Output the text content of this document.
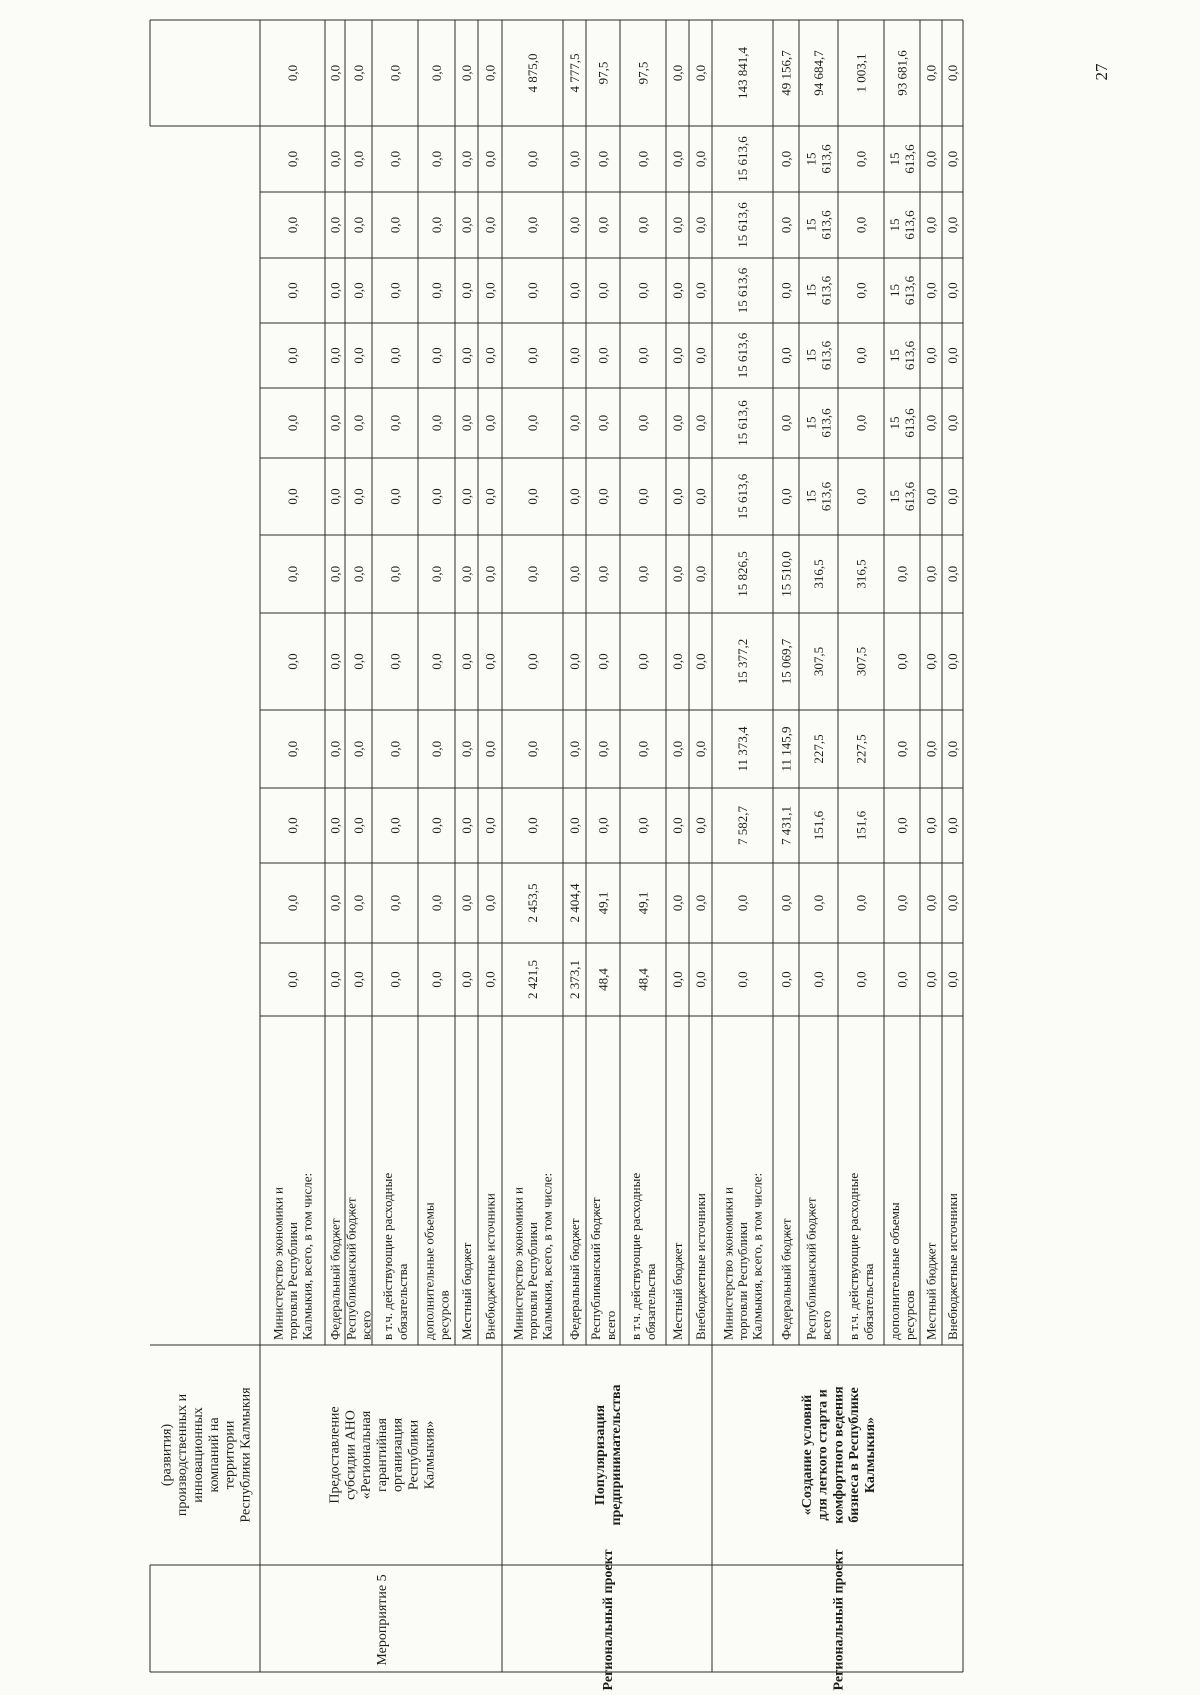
(развития)производственных иинновационныхкомпаний натерриторииРеспублики Калмыкия
Мероприятие 5
Предоставлениесубсидии АНО«РегиональнаягарантийнаяорганизацияРеспубликиКалмыкия»
Министерство экономики иторговли РеспубликиКалмыкия, всего, в том числе:
0,0
0,0
0,0
0,0
0,0
0,0
0,0
0,0
0,0
0,0
0,0
0,0
0,0
Федеральный бюджет
0,0
0,0
0,0
0,0
0,0
0,0
0,0
0,0
0,0
0,0
0,0
0,0
0,0
Республиканский бюджетвсего
0,0
0,0
0,0
0,0
0,0
0,0
0,0
0,0
0,0
0,0
0,0
0,0
0,0
в т.ч. действующие расходныеобязательства
0,0
0,0
0,0
0,0
0,0
0,0
0,0
0,0
0,0
0,0
0,0
0,0
0,0
дополнительные объемыресурсов
0,0
0,0
0,0
0,0
0,0
0,0
0,0
0,0
0,0
0,0
0,0
0,0
0,0
Местный бюджет
0,0
0,0
0,0
0,0
0,0
0,0
0,0
0,0
0,0
0,0
0,0
0,0
0,0
Внебюджетные источники
0,0
0,0
0,0
0,0
0,0
0,0
0,0
0,0
0,0
0,0
0,0
0,0
0,0
Региональный проект
Популяризацияпредпринимательства
Министерство экономики иторговли РеспубликиКалмыкия, всего, в том числе:
2 421,5
2 453,5
0,0
0,0
0,0
0,0
0,0
0,0
0,0
0,0
0,0
0,0
4 875,0
Федеральный бюджет
2 373,1
2 404,4
0,0
0,0
0,0
0,0
0,0
0,0
0,0
0,0
0,0
0,0
4 777,5
Республиканский бюджетвсего
48,4
49,1
0,0
0,0
0,0
0,0
0,0
0,0
0,0
0,0
0,0
0,0
97,5
в т.ч. действующие расходныеобязательства
48,4
49,1
0,0
0,0
0,0
0,0
0,0
0,0
0,0
0,0
0,0
0,0
97,5
Местный бюджет
0,0
0,0
0,0
0,0
0,0
0,0
0,0
0,0
0,0
0,0
0,0
0,0
0,0
Внебюджетные источники
0,0
0,0
0,0
0,0
0,0
0,0
0,0
0,0
0,0
0,0
0,0
0,0
0,0
Региональный проект
«Создание условийдля легкого старта икомфортного ведениябизнеса в РеспубликеКалмыкия»
Министерство экономики иторговли РеспубликиКалмыкия, всего, в том числе:
0,0
0,0
7 582,7
11 373,4
15 377,2
15 826,5
15 613,6
15 613,6
15 613,6
15 613,6
15 613,6
15 613,6
143 841,4
Федеральный бюджет
0,0
0,0
7 431,1
11 145,9
15 069,7
15 510,0
0,0
0,0
0,0
0,0
0,0
0,0
49 156,7
Республиканский бюджетвсего
0,0
0,0
151,6
227,5
307,5
316,5
15613,6
15613,6
15613,6
15613,6
15613,6
15613,6
94 684,7
в т.ч. действующие расходныеобязательства
0,0
0,0
151,6
227,5
307,5
316,5
0,0
0,0
0,0
0,0
0,0
0,0
1 003,1
дополнительные объемыресурсов
0,0
0,0
0,0
0,0
0,0
0,0
15613,6
15613,6
15613,6
15613,6
15613,6
15613,6
93 681,6
Местный бюджет
0,0
0,0
0,0
0,0
0,0
0,0
0,0
0,0
0,0
0,0
0,0
0,0
0,0
Внебюджетные источники
0,0
0,0
0,0
0,0
0,0
0,0
0,0
0,0
0,0
0,0
0,0
0,0
0,0	27
